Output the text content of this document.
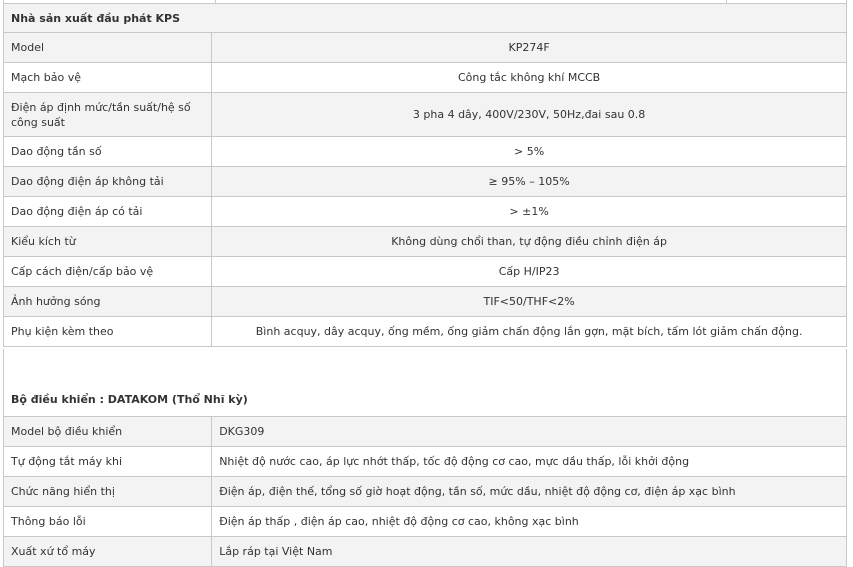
Nhà sản xuất đầu phát KPS	
Model	KP274F
Mạch bảo vệ	Công tắc không khí MCCB
Điện áp định mức/tần suất/hệ số công suất	3 pha 4 dây, 400V/230V, 50Hz,đai sau 0.8
Dao động tần số	> 5%
Dao động điện áp không tải	≥ 95% – 105%
Dao động điện áp có tải	> ±1%
Kiểu kích từ	Không dùng chổi than, tự động điều chỉnh điện áp
Cấp cách điện/cấp bảo vệ	Cấp H/IP23
Ảnh hưởng sóng	TIF<50/THF<2%
Phụ kiện kèm theo	Bình acquy, dây acquy, ống mềm, ống giảm chấn động lắn gợn, mặt bích, tấm lót giảm chấn động.
Bộ điều khiển : DATAKOM (Thổ Nhĩ kỳ)	
Model bộ điều khiển	DKG309
Tự động tắt máy khi	Nhiệt độ nước cao, áp lực nhớt thấp, tốc độ động cơ cao, mực dầu thấp, lỗi khởi động
Chức năng hiển thị	Điện áp, điện thế, tổng số giờ hoạt động, tần số, mức dầu, nhiệt độ động cơ, điện áp xạc bình
Thông báo lỗi	Điện áp thấp , điện áp cao, nhiệt độ động cơ cao, không xạc bình
Xuất xứ tổ máy	Lắp ráp tại Việt Nam
